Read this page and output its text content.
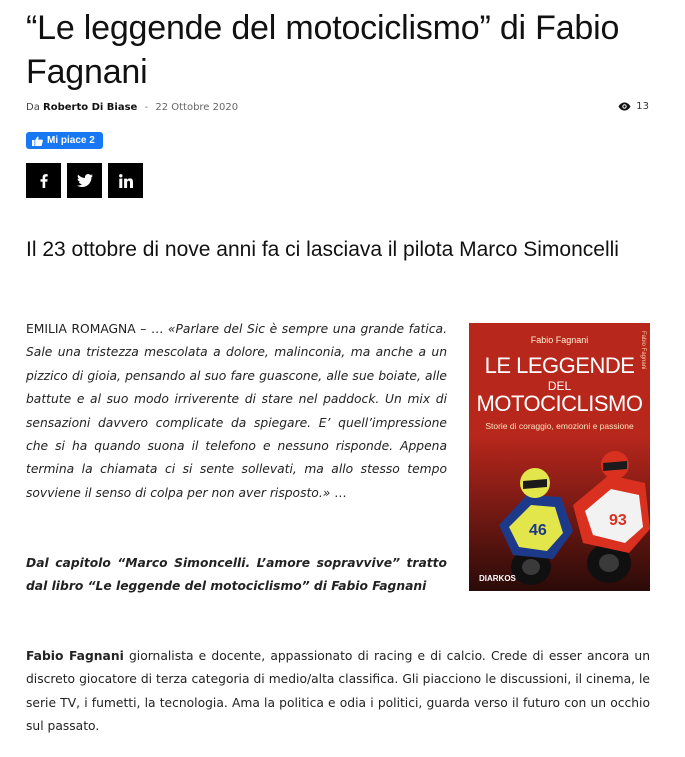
“Le leggende del motociclismo” di Fabio Fagnani
Da Roberto Di Biase - 22 Ottobre 2020	13
Mi piace 2
Il 23 ottobre di nove anni fa ci lasciava il pilota Marco Simoncelli

EMILIA ROMAGNA – … «Parlare del Sic è sempre una grande fatica. Sale una tristezza mescolata a dolore, malinconia, ma anche a un pizzico di gioia, pensando al suo fare guascone, alle sue boiate, alle battute e al suo modo irriverente di stare nel paddock. Un mix di sensazioni davvero complicate da spiegare. E’ quell’impressione che si ha quando suona il telefono e nessuno risponde. Appena termina la chiamata ci si sente sollevati, ma allo stesso tempo sovviene il senso di colpa per non aver risposto.» …

Dal capitolo “Marco Simoncelli. L’amore sopravvive” tratto dal libro “Le leggende del motociclismo” di Fabio Fagnani

Fabio Fagnani
Fabio Fagnani
LE LEGGENDE
DEL
MOTOCICLISMO
Storie di coraggio, emozioni e passione
46
93
DIARKOS

Fabio Fagnani giornalista e docente, appassionato di racing e di calcio. Crede di esser ancora un discreto giocatore di terza categoria di medio/alta classifica. Gli piacciono le discussioni, il cinema, le serie TV, i fumetti, la tecnologia. Ama la politica e odia i politici, guarda verso il futuro con un occhio sul passato.
